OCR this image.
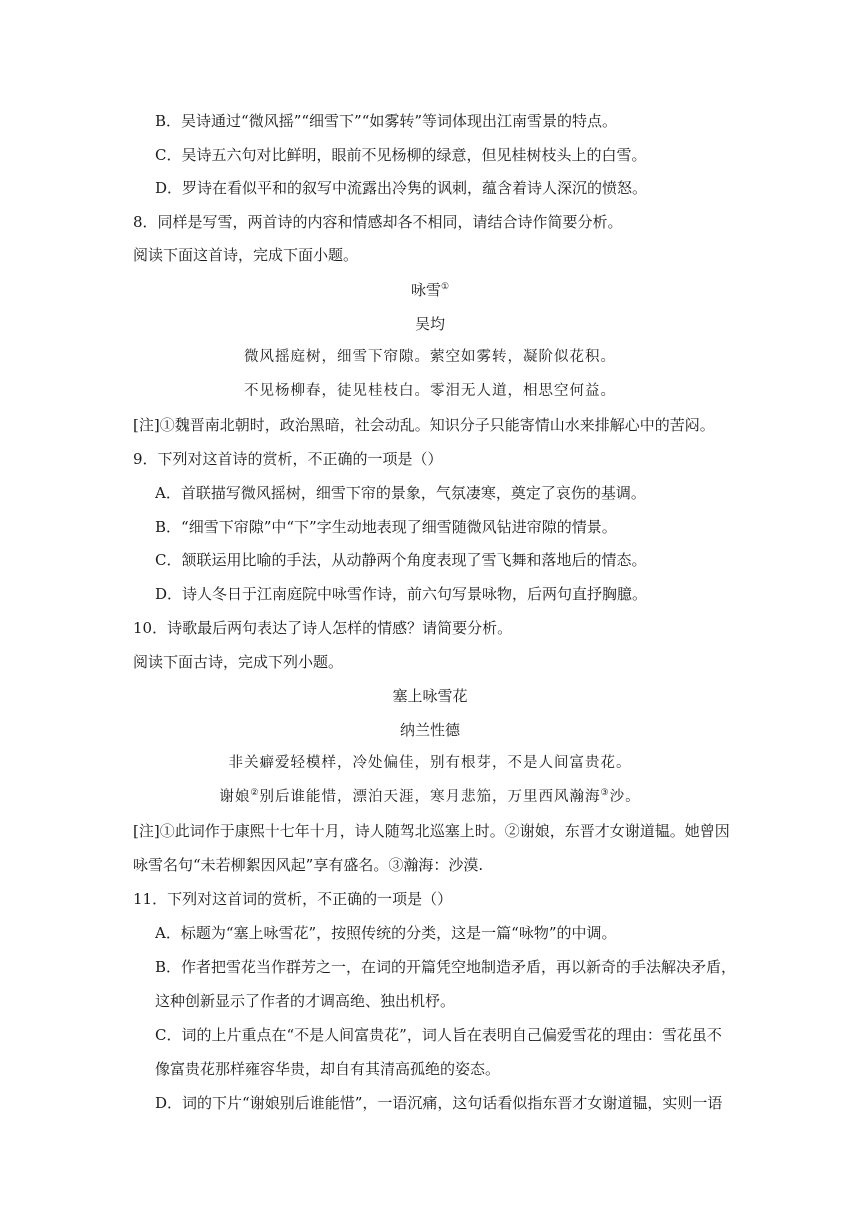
B．吴诗通过“微风摇”“细雪下”“如雾转”等词体现出江南雪景的特点。
C．吴诗五六句对比鲜明，眼前不见杨柳的绿意，但见桂树枝头上的白雪。
D．罗诗在看似平和的叙写中流露出冷隽的讽刺，蕴含着诗人深沉的愤怒。
8．同样是写雪，两首诗的内容和情感却各不相同，请结合诗作简要分析。
阅读下面这首诗，完成下面小题。
咏雪①
吴均
微风摇庭树，细雪下帘隙。萦空如雾转，凝阶似花积。
不见杨柳春，徒见桂枝白。零泪无人道，相思空何益。
[注]①魏晋南北朝时，政治黑暗，社会动乱。知识分子只能寄情山水来排解心中的苦闷。
9．下列对这首诗的赏析，不正确的一项是（）
A．首联描写微风摇树，细雪下帘的景象，气氛凄寒，奠定了哀伤的基调。
B．“细雪下帘隙”中“下”字生动地表现了细雪随微风钻进帘隙的情景。
C．颔联运用比喻的手法，从动静两个角度表现了雪飞舞和落地后的情态。
D．诗人冬日于江南庭院中咏雪作诗，前六句写景咏物，后两句直抒胸臆。
10．诗歌最后两句表达了诗人怎样的情感？请简要分析。
阅读下面古诗，完成下列小题。
塞上咏雪花
纳兰性德
非关癖爱轻模样，冷处偏佳，别有根芽，不是人间富贵花。
谢娘②别后谁能惜，漂泊天涯，寒月悲笳，万里西风瀚海③沙。
[注]①此词作于康熙十七年十月，诗人随驾北巡塞上时。②谢娘，东晋才女谢道韫。她曾因
咏雪名句“未若柳絮因风起”享有盛名。③瀚海：沙漠.
11．下列对这首词的赏析，不正确的一项是（）
A．标题为“塞上咏雪花”，按照传统的分类，这是一篇“咏物”的中调。
B．作者把雪花当作群芳之一，在词的开篇凭空地制造矛盾，再以新奇的手法解决矛盾，
这种创新显示了作者的才调高绝、独出机杼。
C．词的上片重点在“不是人间富贵花”，词人旨在表明自己偏爱雪花的理由：雪花虽不
像富贵花那样雍容华贵，却自有其清高孤绝的姿态。
D．词的下片“谢娘别后谁能惜”，一语沉痛，这句话看似指东晋才女谢道韫，实则一语
